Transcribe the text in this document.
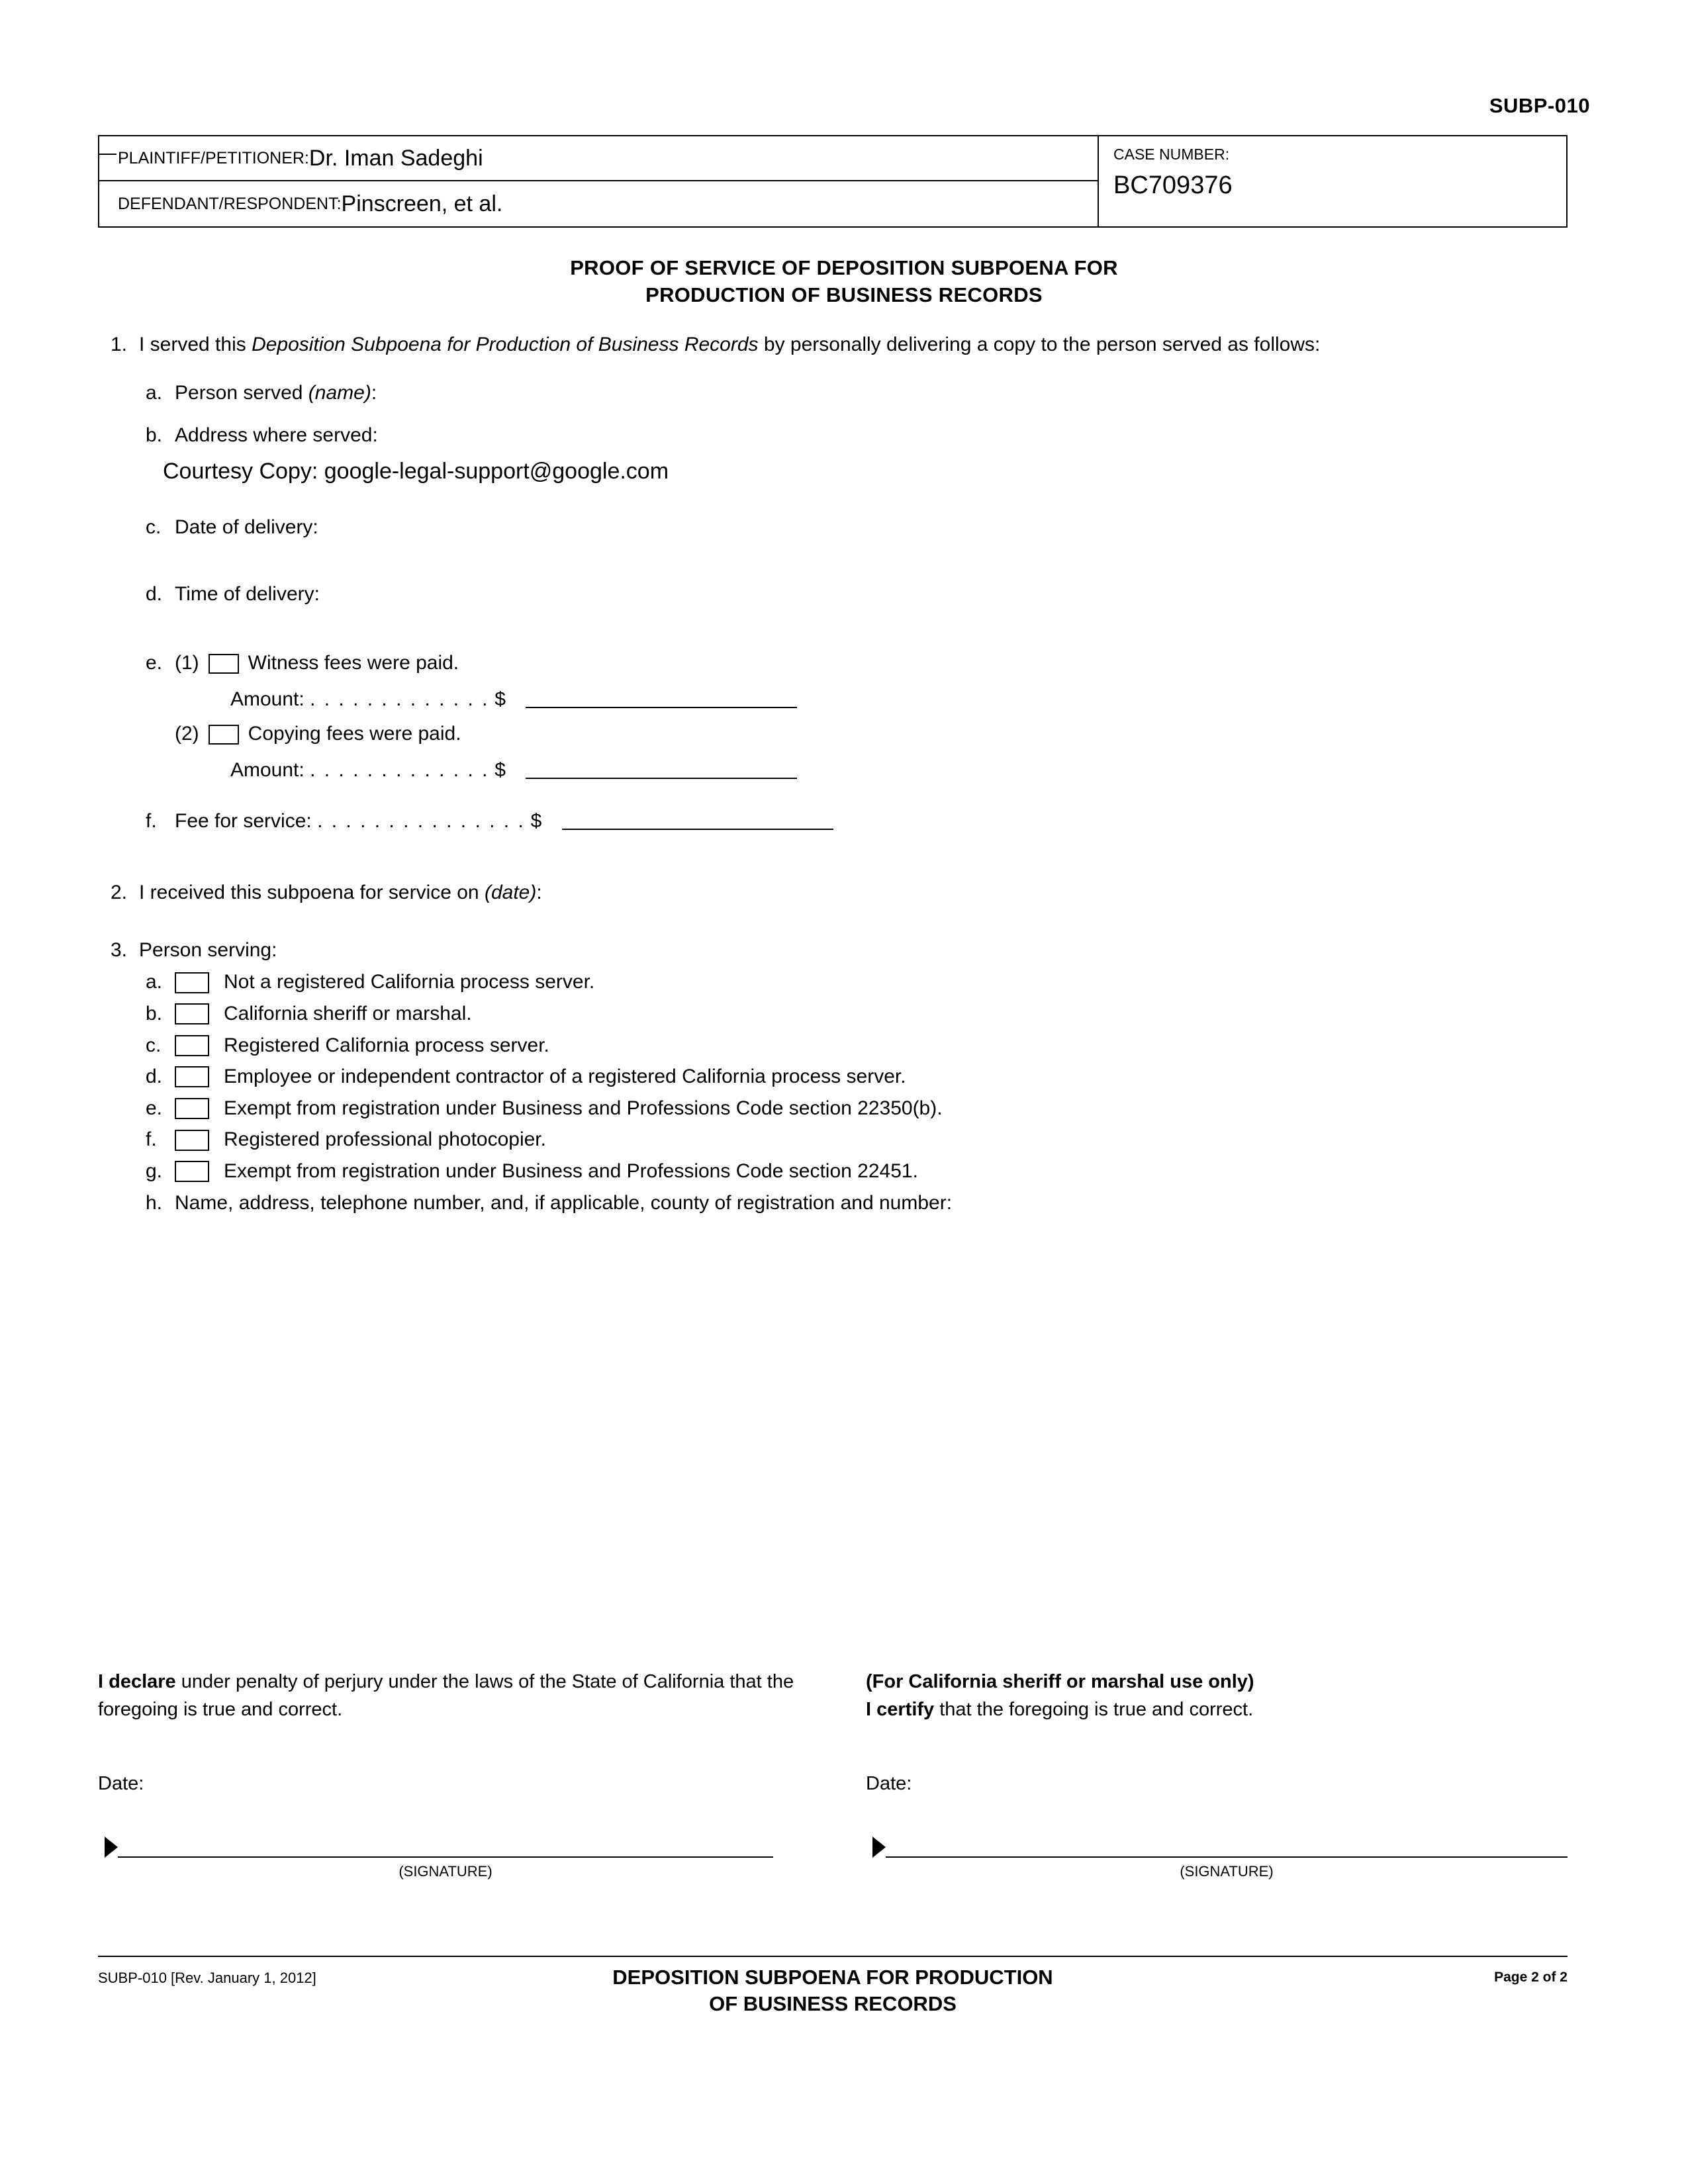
SUBP-010
PLAINTIFF/PETITIONER: Dr. Iman Sadeghi
DEFENDANT/RESPONDENT: Pinscreen, et al.
CASE NUMBER:
BC709376
PROOF OF SERVICE OF DEPOSITION SUBPOENA FOR
PRODUCTION OF BUSINESS RECORDS
1. I served this Deposition Subpoena for Production of Business Records by personally delivering a copy to the person served as follows:
a. Person served (name):
b. Address where served:
Courtesy Copy: google-legal-support@google.com
c. Date of delivery:
d. Time of delivery:
e. (1) Witness fees were paid.
Amount: . . . . . . . . . . . . . $
(2) Copying fees were paid.
Amount: . . . . . . . . . . . . . $
f. Fee for service: . . . . . . . . . . . . . . . $
2. I received this subpoena for service on (date):
3. Person serving:
a.	Not a registered California process server.
b.	California sheriff or marshal.
c.	Registered California process server.
d.	Employee or independent contractor of a registered California process server.
e.	Exempt from registration under Business and Professions Code section 22350(b).
f.	Registered professional photocopier.
g.	Exempt from registration under Business and Professions Code section 22451.
h. Name, address, telephone number, and, if applicable, county of registration and number:
I declare under penalty of perjury under the laws of the State of California that the foregoing is true and correct.
Date:
(For California sheriff or marshal use only)
I certify that the foregoing is true and correct.
Date:
(SIGNATURE)	(SIGNATURE)
SUBP-010 [Rev. January 1, 2012]	DEPOSITION SUBPOENA FOR PRODUCTION
OF BUSINESS RECORDS
Page 2 of 2
